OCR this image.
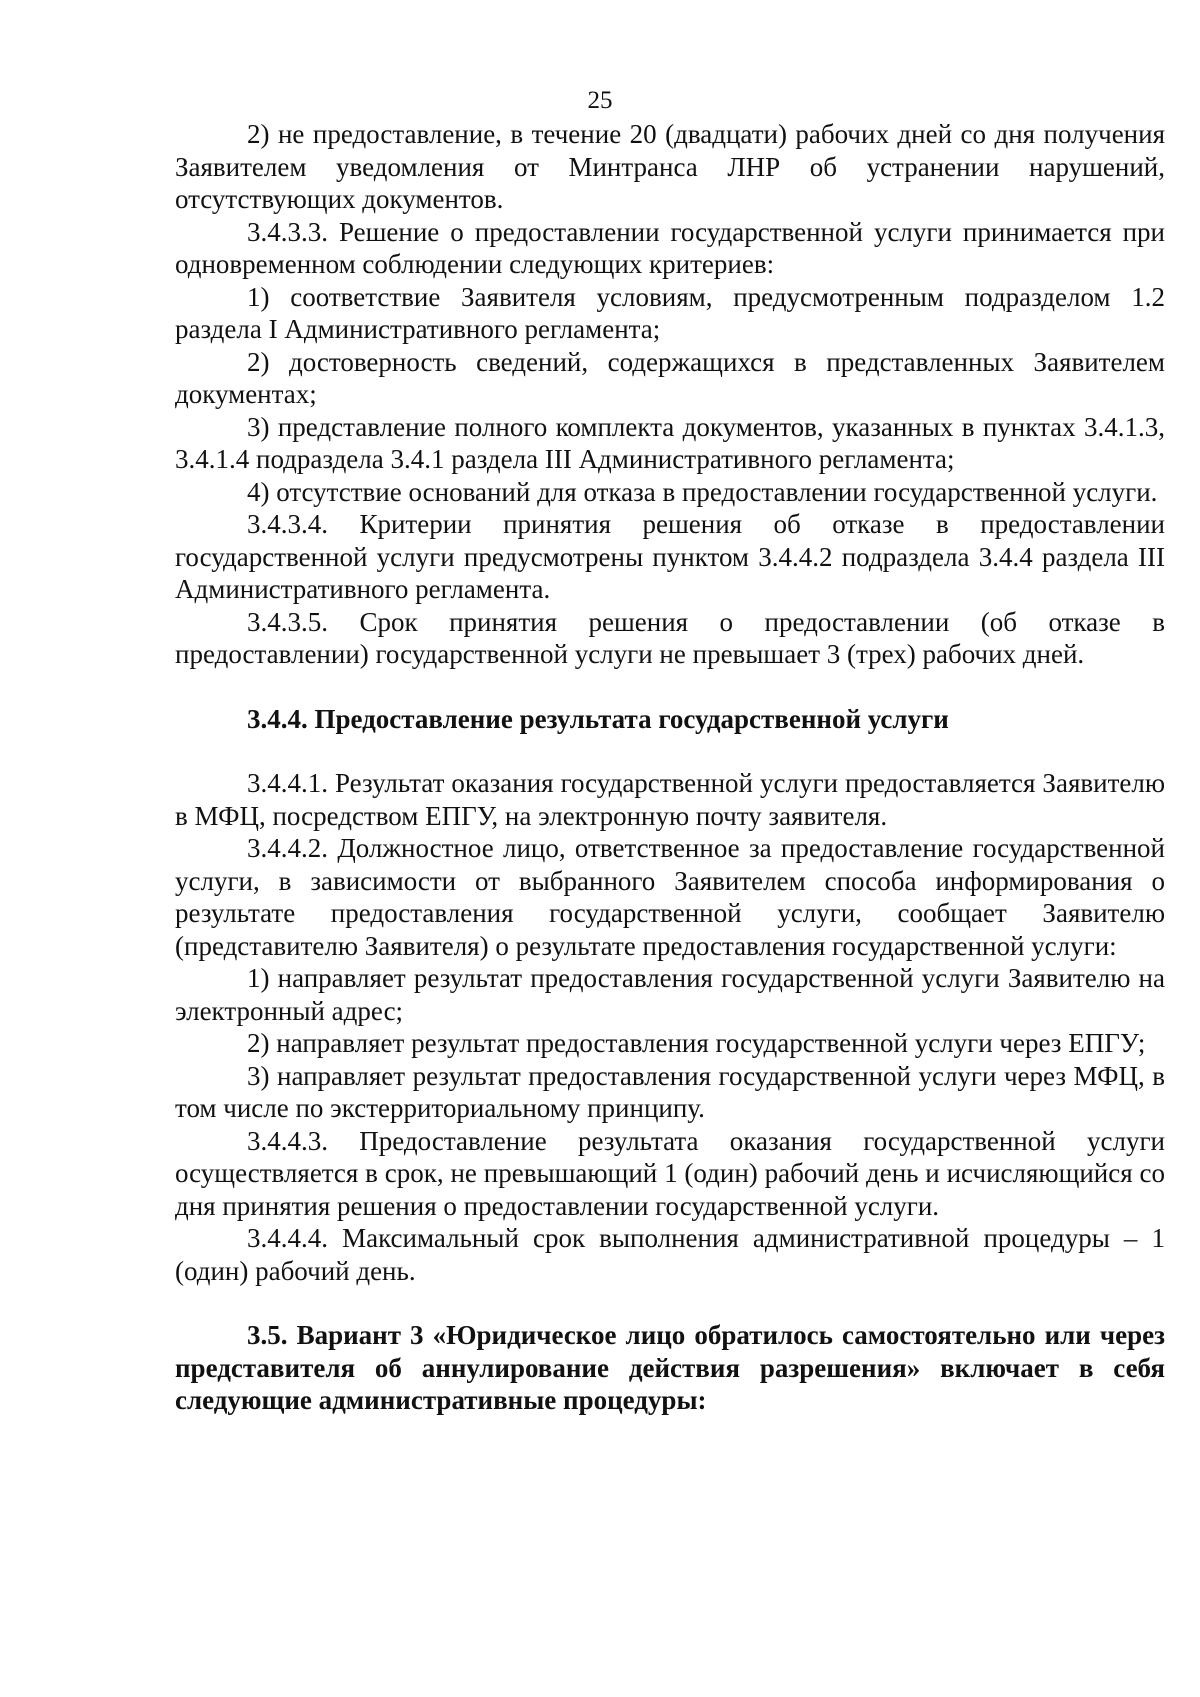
25

2) не предоставление, в течение 20 (двадцати) рабочих дней со дня получения Заявителем уведомления от Минтранса ЛНР об устранении нарушений, отсутствующих документов.

3.4.3.3. Решение о предоставлении государственной услуги принимается при одновременном соблюдении следующих критериев:

1) соответствие Заявителя условиям, предусмотренным подразделом 1.2 раздела I Административного регламента;

2) достоверность сведений, содержащихся в представленных Заявителем документах;

3) представление полного комплекта документов, указанных в пунктах 3.4.1.3, 3.4.1.4 подраздела 3.4.1 раздела III Административного регламента;

4) отсутствие оснований для отказа в предоставлении государственной услуги.

3.4.3.4. Критерии принятия решения об отказе в предоставлении государственной услуги предусмотрены пунктом 3.4.4.2 подраздела 3.4.4 раздела III Административного регламента.

3.4.3.5. Срок принятия решения о предоставлении (об отказе в предоставлении) государственной услуги не превышает 3 (трех) рабочих дней.

3.4.4. Предоставление результата государственной услуги

3.4.4.1. Результат оказания государственной услуги предоставляется Заявителю в МФЦ, посредством ЕПГУ, на электронную почту заявителя.

3.4.4.2. Должностное лицо, ответственное за предоставление государственной услуги, в зависимости от выбранного Заявителем способа информирования о результате предоставления государственной услуги, сообщает Заявителю (представителю Заявителя) о результате предоставления государственной услуги:

1) направляет результат предоставления государственной услуги Заявителю на электронный адрес;

2) направляет результат предоставления государственной услуги через ЕПГУ;

3) направляет результат предоставления государственной услуги через МФЦ, в том числе по экстерриториальному принципу.

3.4.4.3. Предоставление результата оказания государственной услуги осуществляется в срок, не превышающий 1 (один) рабочий день и исчисляющийся со дня принятия решения о предоставлении государственной услуги.

3.4.4.4. Максимальный срок выполнения административной процедуры – 1 (один) рабочий день.

3.5. Вариант 3 «Юридическое лицо обратилось самостоятельно или через представителя об аннулирование действия разрешения» включает в себя следующие административные процедуры:
